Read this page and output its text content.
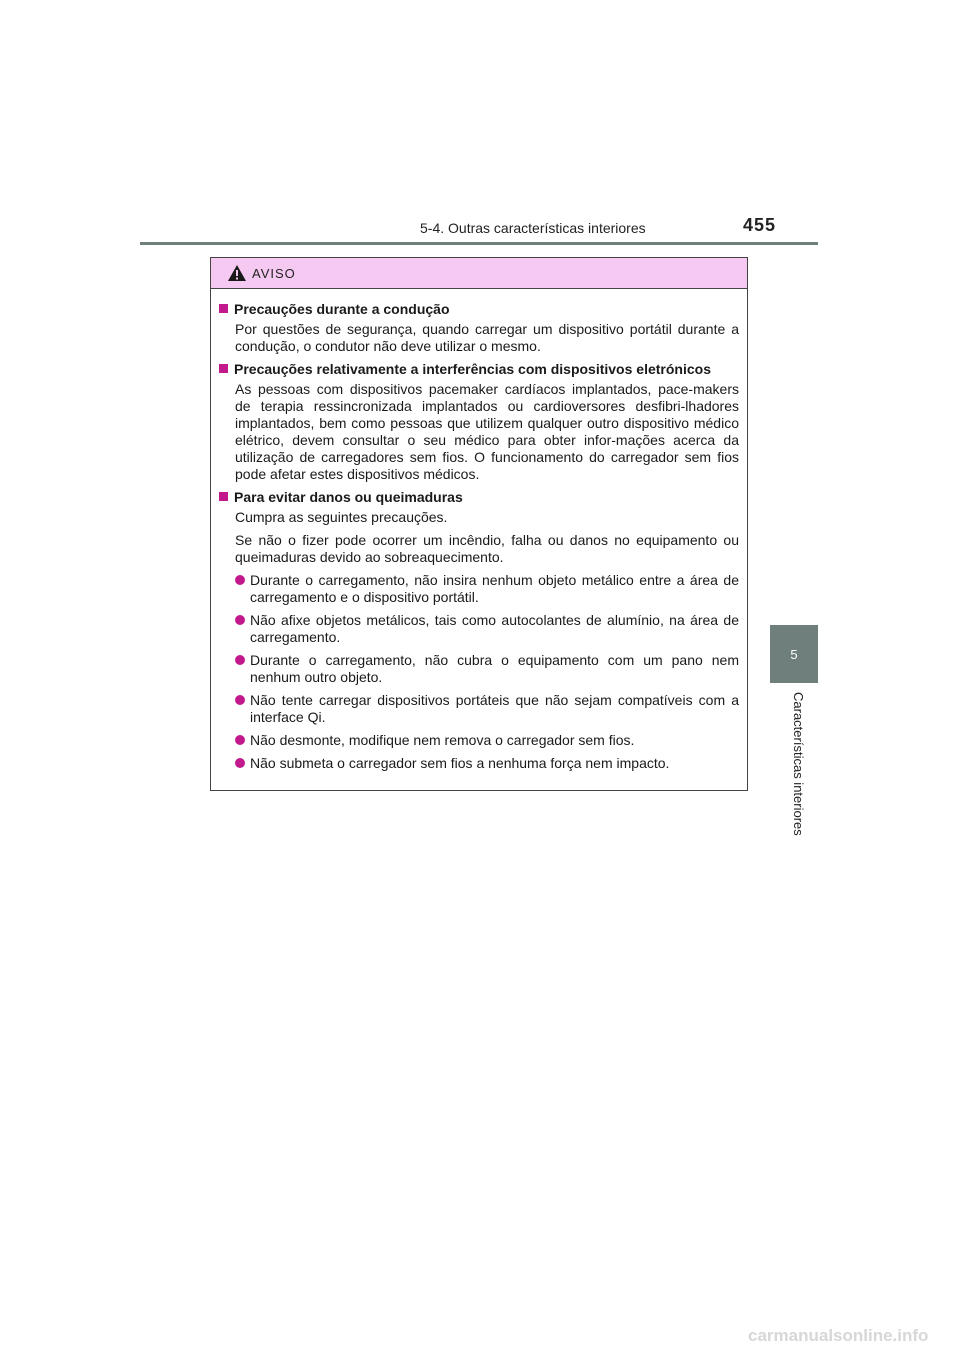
5-4. Outras características interiores	455
5
Características interiores
AVISO
Precauções durante a condução
Por questões de segurança, quando carregar um dispositivo portátil durante a condução, o condutor não deve utilizar o mesmo.
Precauções relativamente a interferências com dispositivos eletrónicos
As pessoas com dispositivos pacemaker cardíacos implantados, pace-makers de terapia ressincronizada implantados ou cardioversores desfibri-lhadores implantados, bem como pessoas que utilizem qualquer outro dispositivo médico elétrico, devem consultar o seu médico para obter infor-mações acerca da utilização de carregadores sem fios. O funcionamento do carregador sem fios pode afetar estes dispositivos médicos.
Para evitar danos ou queimaduras
Cumpra as seguintes precauções.
Se não o fizer pode ocorrer um incêndio, falha ou danos no equipamento ou queimaduras devido ao sobreaquecimento.
Durante o carregamento, não insira nenhum objeto metálico entre a área de carregamento e o dispositivo portátil.
Não afixe objetos metálicos, tais como autocolantes de alumínio, na área de carregamento.
Durante o carregamento, não cubra o equipamento com um pano nem nenhum outro objeto.
Não tente carregar dispositivos portáteis que não sejam compatíveis com a interface Qi.
Não desmonte, modifique nem remova o carregador sem fios.
Não submeta o carregador sem fios a nenhuma força nem impacto.
carmanualsonline.info
